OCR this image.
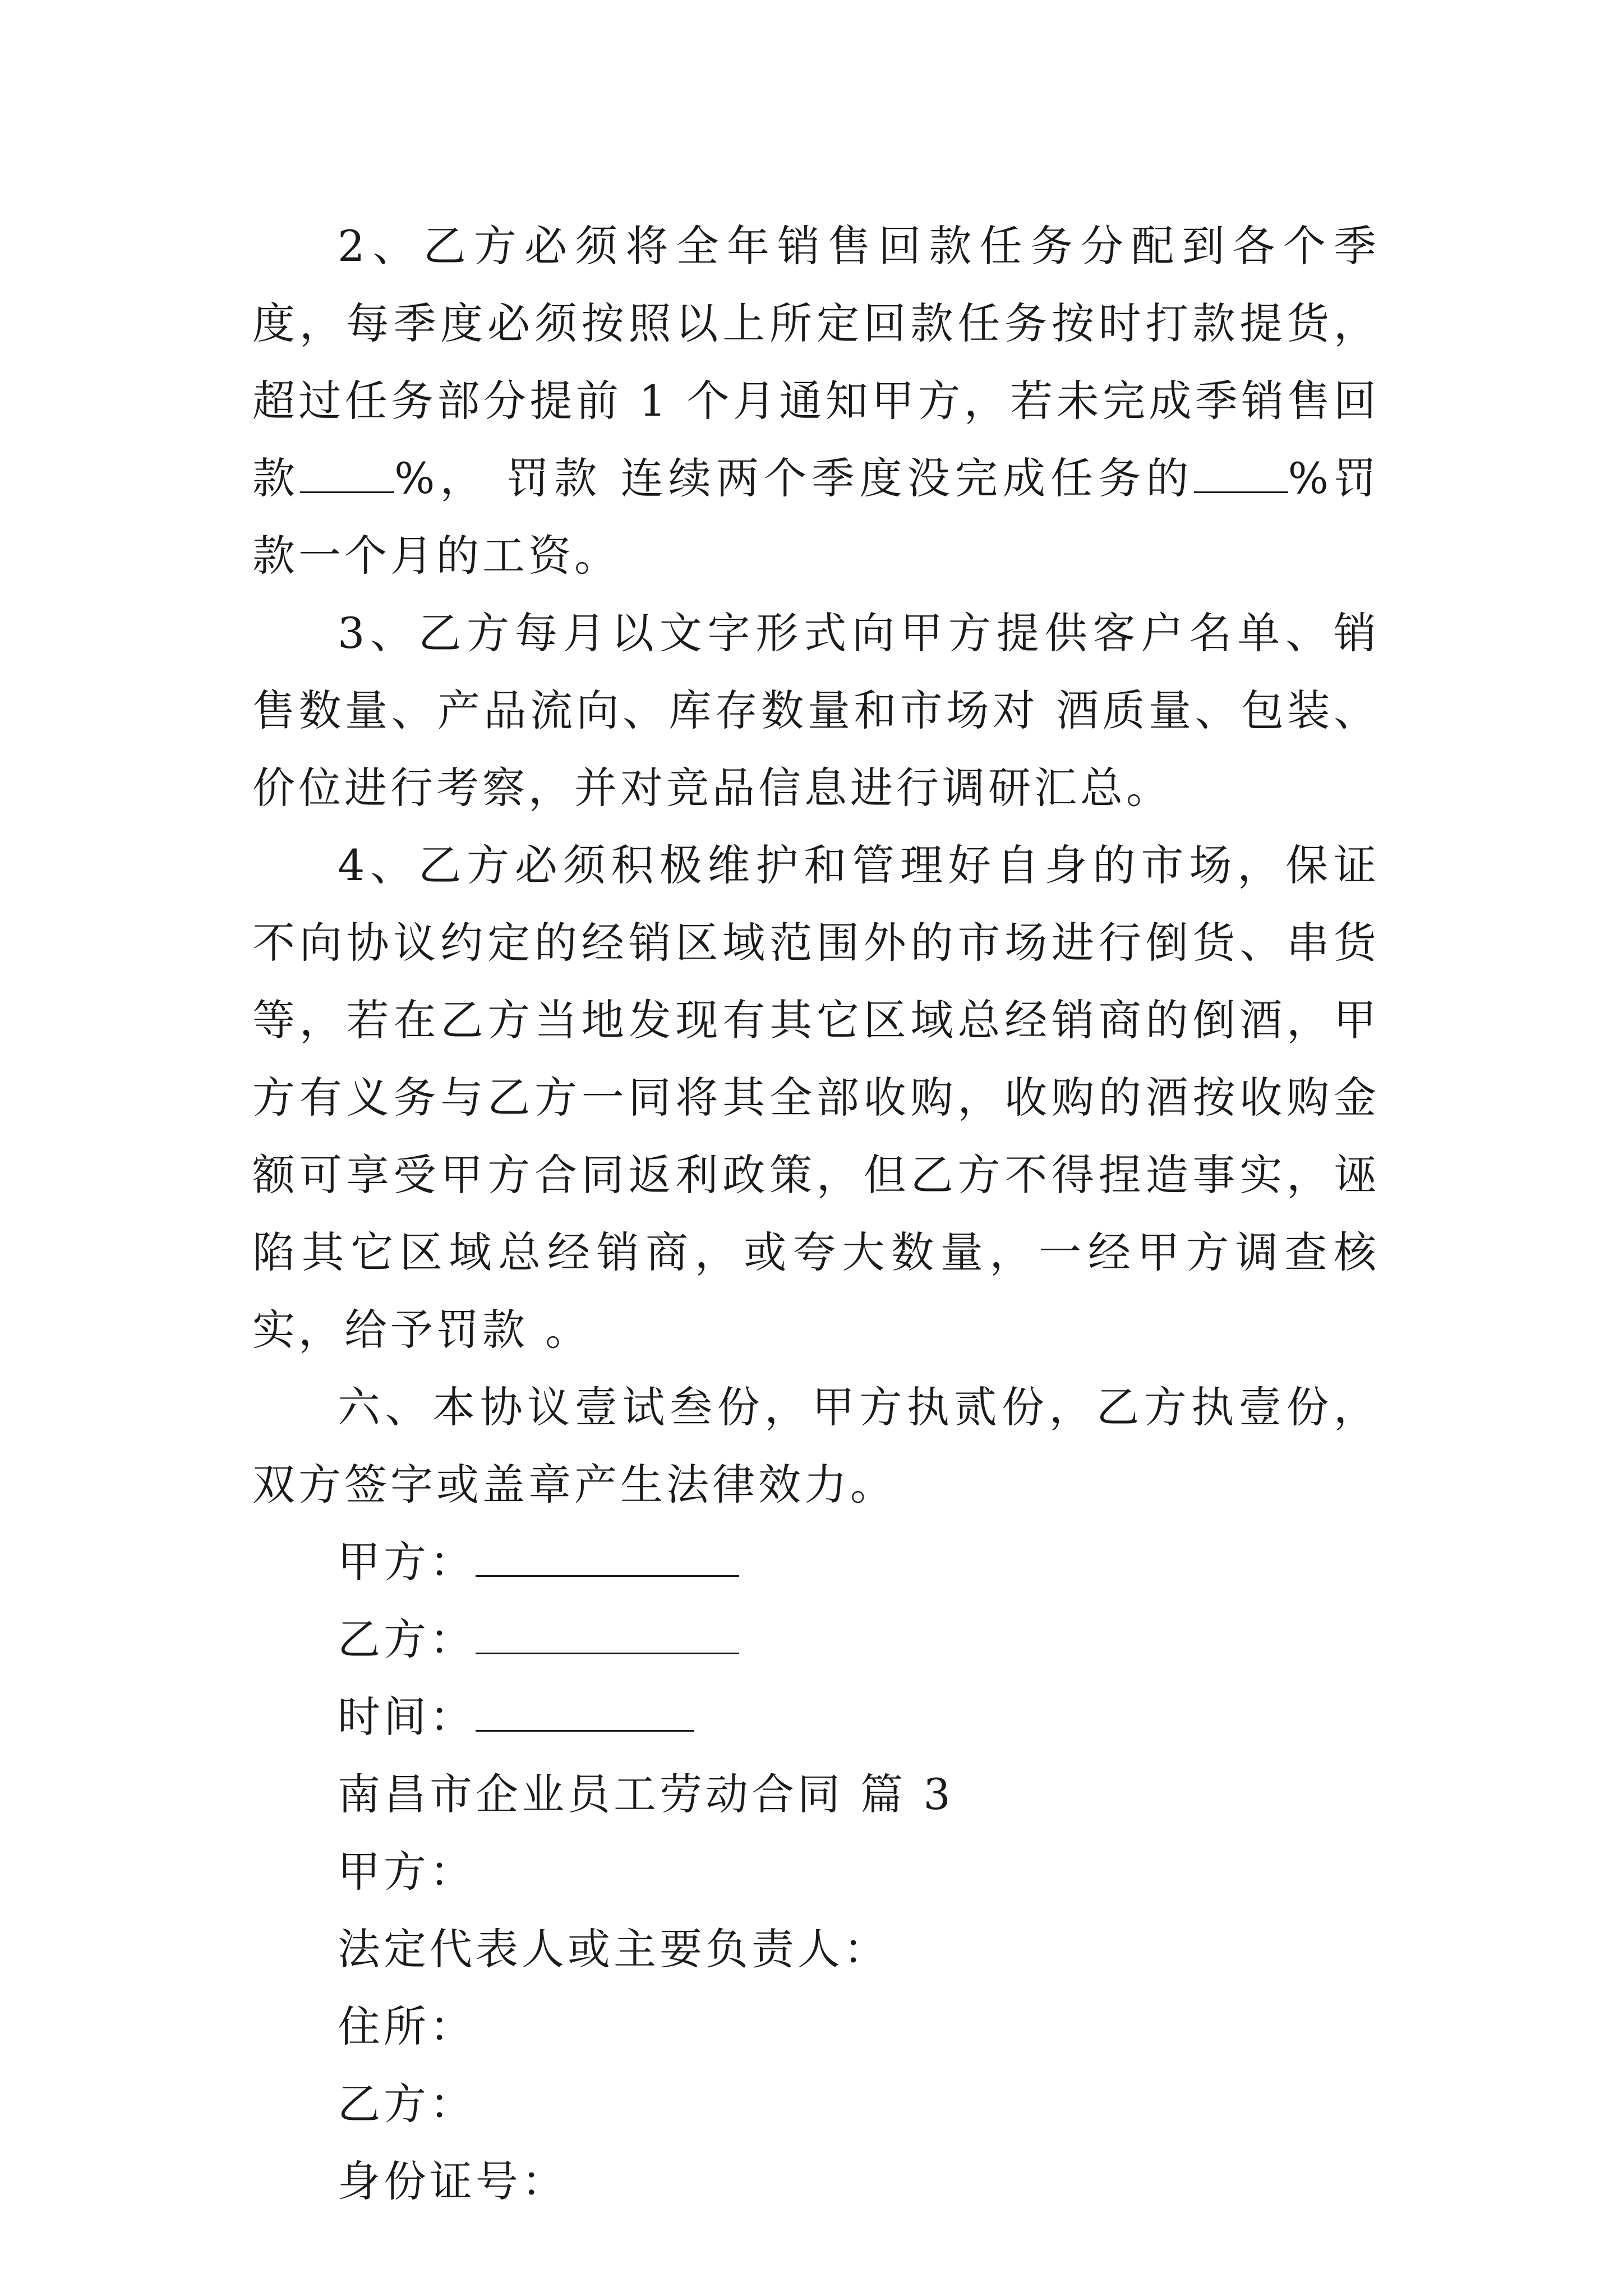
2、乙方必须将全年销售回款任务分配到各个季度，每季度必须按照以上所定回款任务按时打款提货，超过任务部分提前 1 个月通知甲方，若未完成季销售回款 %， 罚款 连续两个季度没完成任务的 %罚款一个月的工资。

3、乙方每月以文字形式向甲方提供客户名单、销售数量、产品流向、库存数量和市场对 酒质量、包装、价位进行考察，并对竞品信息进行调研汇总。

4、乙方必须积极维护和管理好自身的市场，保证不向协议约定的经销区域范围外的市场进行倒货、串货等，若在乙方当地发现有其它区域总经销商的倒酒，甲方有义务与乙方一同将其全部收购，收购的酒按收购金额可享受甲方合同返利政策，但乙方不得捏造事实，诬陷其它区域总经销商，或夸大数量，一经甲方调查核实，给予罚款 。

六、本协议壹试叁份，甲方执贰份，乙方执壹份，双方签字或盖章产生法律效力。

甲方：

乙方：

时间：

南昌市企业员工劳动合同 篇 3

甲方：

法定代表人或主要负责人：

住所：

乙方：

身份证号：
